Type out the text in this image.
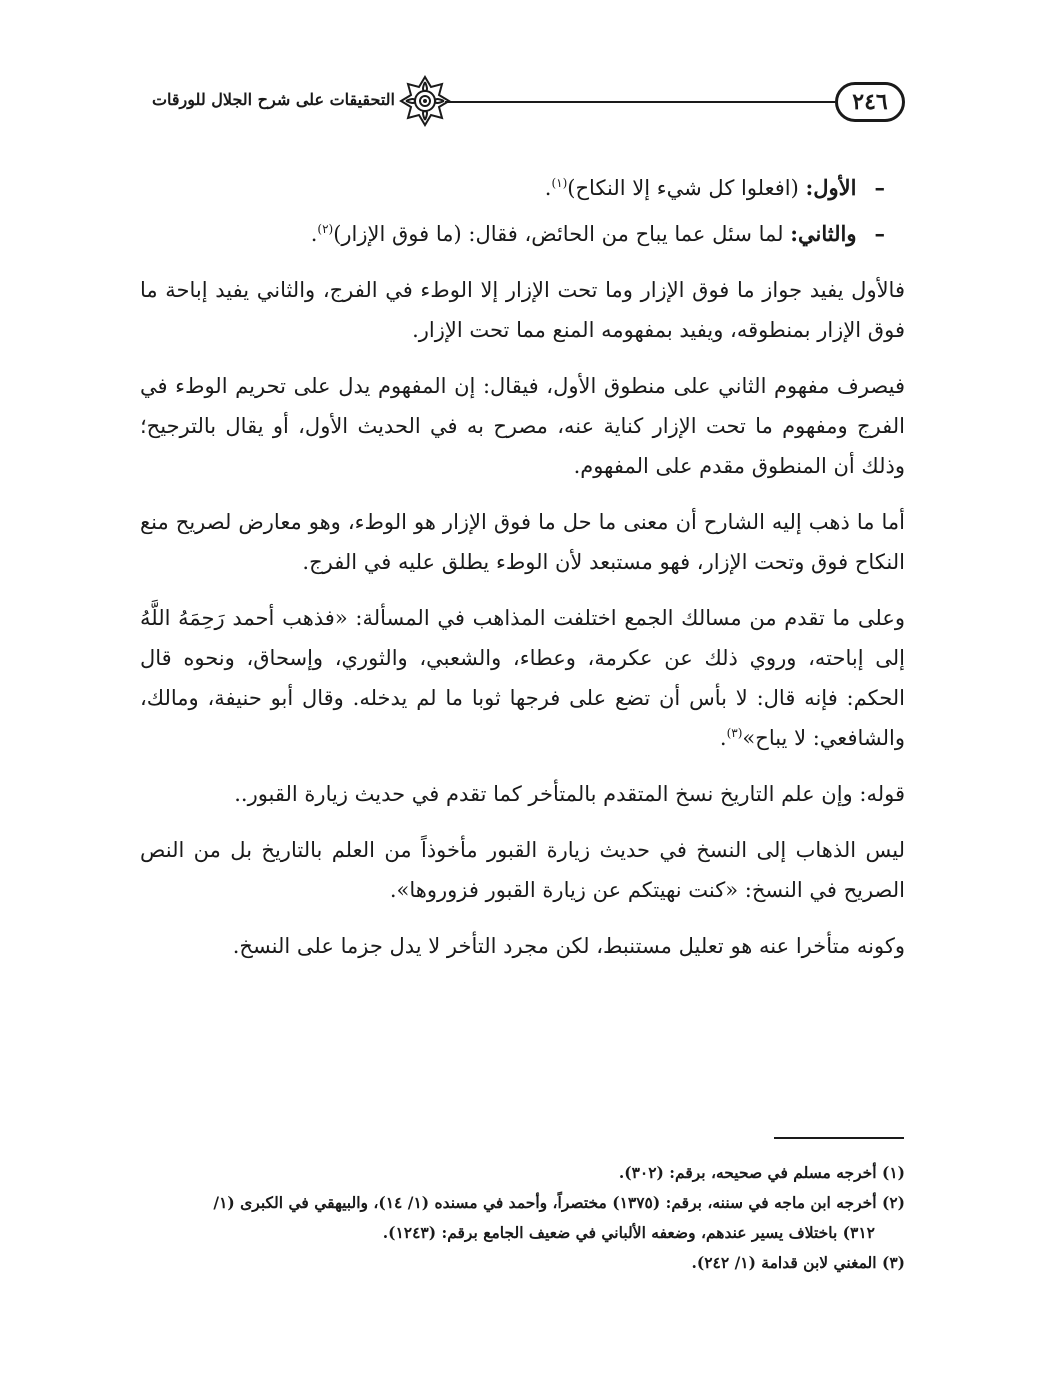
٢٤٦
التحقيقات على شرح الجلال للورقات

–
الأول: (افعلوا كل شيء إلا النكاح)$^{(١)}$.

–
والثاني: لما سئل عما يباح من الحائض، فقال: (ما فوق الإزار)$^{(٢)}$.

فالأول يفيد جواز ما فوق الإزار وما تحت الإزار إلا الوطء في الفرج، والثاني يفيد إباحة ما فوق الإزار بمنطوقه، ويفيد بمفهومه المنع مما تحت الإزار.

فيصرف مفهوم الثاني على منطوق الأول، فيقال: إن المفهوم يدل على تحريم الوطء في الفرج ومفهوم ما تحت الإزار كناية عنه، مصرح به في الحديث الأول، أو يقال بالترجيح؛ وذلك أن المنطوق مقدم على المفهوم.

أما ما ذهب إليه الشارح أن معنى ما حل ما فوق الإزار هو الوطء، وهو معارض لصريح منع النكاح فوق وتحت الإزار، فهو مستبعد لأن الوطء يطلق عليه في الفرج.

وعلى ما تقدم من مسالك الجمع اختلفت المذاهب في المسألة: «فذهب أحمد رَحِمَهُ اللَّهُ إلى إباحته، وروي ذلك عن عكرمة، وعطاء، والشعبي، والثوري، وإسحاق، ونحوه قال الحكم: فإنه قال: لا بأس أن تضع على فرجها ثوبا ما لم يدخله. وقال أبو حنيفة، ومالك، والشافعي: لا يباح»$^{(٣)}$.

قوله: وإن علم التاريخ نسخ المتقدم بالمتأخر كما تقدم في حديث زيارة القبور..

ليس الذهاب إلى النسخ في حديث زيارة القبور مأخوذاً من العلم بالتاريخ بل من النص الصريح في النسخ: «كنت نهيتكم عن زيارة القبور فزوروها».

وكونه متأخرا عنه هو تعليل مستنبط، لكن مجرد التأخر لا يدل جزما على النسخ.

(١) أخرجه مسلم في صحيحه، برقم: (٣٠٢).

(٢) أخرجه ابن ماجه في سننه، برقم: (١٣٧٥) مختصراً، وأحمد في مسنده (١/ ١٤)، والبيهقي في الكبرى (١/
٣١٢) باختلاف يسير عندهم، وضعفه الألباني في ضعيف الجامع برقم: (١٢٤٣).

(٣) المغني لابن قدامة (١/ ٢٤٢).
